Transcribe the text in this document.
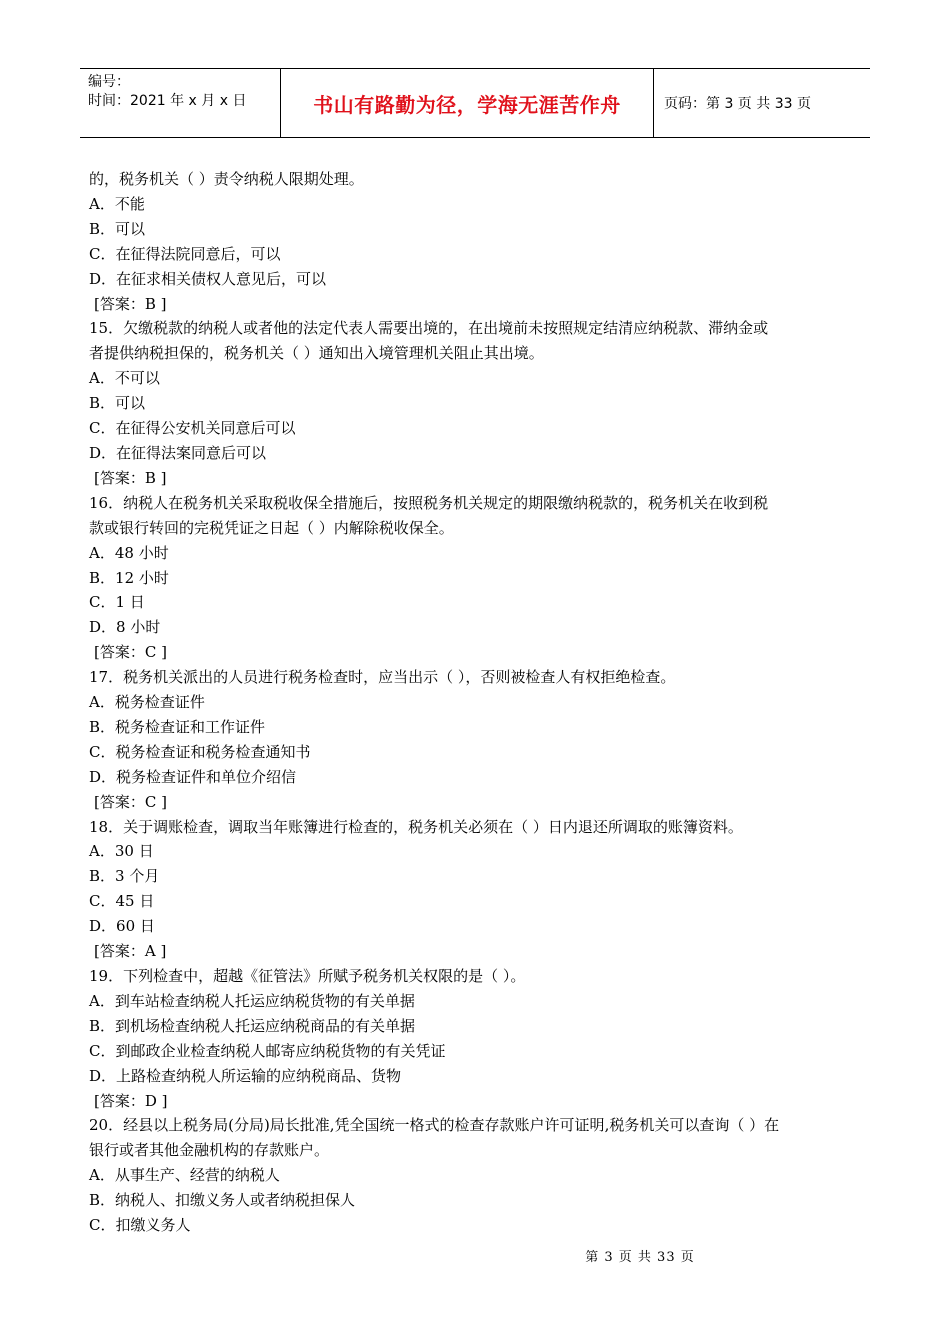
编号：
时间：2021 年 x 月 x 日	书山有路勤为径，学海无涯苦作舟	页码：第 3 页 共 33 页
的，税务机关（ ）责令纳税人限期处理。
A．不能
B．可以
C．在征得法院同意后，可以
D．在征求相关债权人意见后，可以
[答案：B ]
15．欠缴税款的纳税人或者他的法定代表人需要出境的，在出境前未按照规定结清应纳税款、滞纳金或
者提供纳税担保的，税务机关（ ）通知出入境管理机关阻止其出境。
A．不可以
B．可以
C．在征得公安机关同意后可以
D．在征得法案同意后可以
[答案：B ]
16．纳税人在税务机关采取税收保全措施后，按照税务机关规定的期限缴纳税款的，税务机关在收到税
款或银行转回的完税凭证之日起（ ）内解除税收保全。
A．48 小时
B．12 小时
C．1 日
D．8 小时
[答案：C ]
17．税务机关派出的人员进行税务检查时，应当出示（ ），否则被检查人有权拒绝检查。
A．税务检查证件
B．税务检查证和工作证件
C．税务检查证和税务检查通知书
D．税务检查证件和单位介绍信
[答案：C ]
18．关于调账检查，调取当年账簿进行检查的，税务机关必须在（ ）日内退还所调取的账簿资料。
A．30 日
B．3 个月
C．45 日
D．60 日
[答案：A ]
19．下列检查中，超越《征管法》所赋予税务机关权限的是（ ）。
A．到车站检查纳税人托运应纳税货物的有关单据
B．到机场检查纳税人托运应纳税商品的有关单据
C．到邮政企业检查纳税人邮寄应纳税货物的有关凭证
D．上路检查纳税人所运输的应纳税商品、货物
[答案：D ]
20．经县以上税务局(分局)局长批准,凭全国统一格式的检查存款账户许可证明,税务机关可以查询（ ）在
银行或者其他金融机构的存款账户。
A．从事生产、经营的纳税人
B．纳税人、扣缴义务人或者纳税担保人
C．扣缴义务人
第 3 页 共 33 页
